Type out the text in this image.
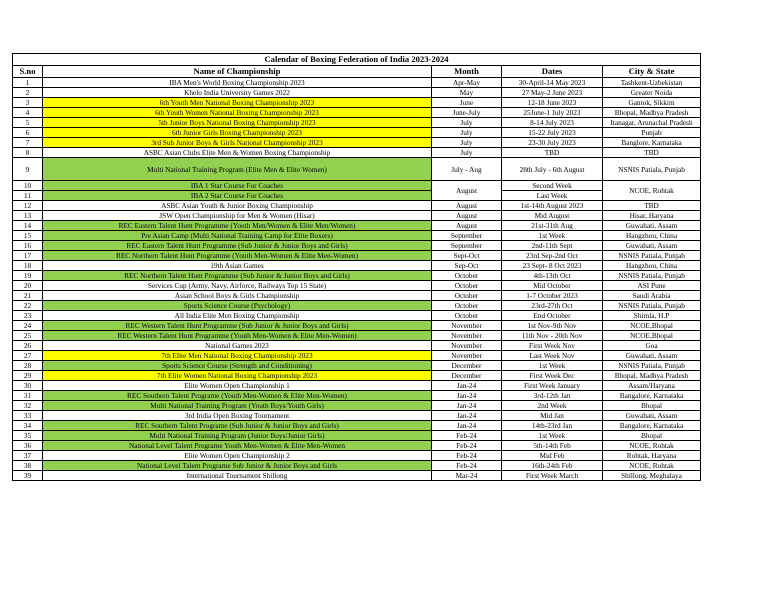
Calendar of Boxing Federation of India 2023-2024				
S.no	Name of Championship	Month	Dates	City & State
1	IBA Men's World Boxing Championship 2023	Apr-May	30-April-14 May 2023	Tashkent-Uzbekistan
2	Khelo India University Games 2022	May	27 May-2 June 2023	Greater Noida
3	6th Youth Men National Boxing Championship 2023	June	12-18 June 2023	Gantok, Sikkim
4	6th Youth Women National Boxing Championship 2023	June-July	25June-1 July 2023	Bhopal, Madhya Pradesh
5	5th Junior Boys National Boxing Championship 2023	July	8-14 July 2023	Itanagar, Arunachal Pradesh
6	6th Junior Girls Boxing Championship 2023	July	15-22 July 2023	Punjab
7	3rd Sub Junior Boys & Girls National Championship 2023	July	23-30 July 2023	Banglore, Karnataka
8	ASBC Asian Clubs Elite Men & Women Boxing Championship	July	TBD	TBD
9	Multi National Training Program (Elite Men & Elite Women)	July - Aug	28th July - 6th August	NSNIS Patiala, Punjab
10	IBA 1 Star Course For Coaches	August	Second Week	NCOE, Rohtak
11	IBA 2 Star Course For Coaches		Last Week	
12	ASBC Asian Youth & Junior Boxing Championship	August	1st-14th August 2023	TBD
13	JSW Open Championship for Men & Women (Hisar)	August	Mid August	Hisar, Haryana
14	REC Eastern Talent Hunt Programme (Youth Men/Women & Elite Men/Women)	August	21st-31th Aug	Guwahati, Assam
15	Pre Asian Camp (Multi National Training Camp for Elite Boxers)	September	1st Week	Hangzhou, China
16	REC Eastern Talent Hunt Programme (Sub Junior & Junior Boys and Girls)	September	2nd-11th Sept	Guwahati, Assam
17	REC Northern Talent Hunt Programme (Youth Men-Women & Elite Men-Women)	Sept-Oct	23rd Sep-2nd Oct	NSNIS Patiala, Punjab
18	19th Asian Games	Sep-Oct	23 Sept- 8 Oct 2023	Hangzhou, China
19	REC Northern Talent Hunt Programme (Sub Junior & Junior Boys and Girls)	October	4th-13th Oct	NSNIS Patiala, Punjab
20	Services Cup (Army, Navy, Airforce, Railways Top 15 State)	October	Mid October	ASI Pune
21	Asian School Boys & Girls Championship	October	1-7 October 2023	Saudi Arabia
22	Sports Science Course (Psychology)	October	23rd-27th Oct	NSNIS Patiala, Punjab
23	All India Elite Men Boxing Championship	October	End October	Shimla, H.P
24	REC Western Talent Hunt Programme (Sub Junior & Junior Boys and Girls)	November	1st Nov-9th Nov	NCOE,Bhopal
25	REC Western Talent Hunt Programme (Youth Men-Women & Elite Men-Women)	November	11th Nov - 20th Nov	NCOE,Bhopal
26	National Games 2023	November	First Week Nov	Goa
27	7th Elite Men National Boxing Championship 2023	November	Last Week Nov	Guwahati, Assam
28	Sports Science Course (Strength and Conditioning)	December	1st Week	NSNIS Patiala, Punjab
29	7th Elite Women National Boxing Championship 2023	December	First Week Dec	Bhopal, Madhya Pradesh
30	Elite Women Open Championship 1	Jan-24	First Week January	Assam/Haryana
31	REC Southern Talent Programe (Youth Men-Women & Elite Men-Women)	Jan-24	3rd-12th Jan	Bangalore, Karnataka
32	Multi National Training Program (Youth Boys/Youth Girls)	Jan-24	2nd Week	Bhopal
33	3rd India Open Boxing Tournament	Jan-24	Mid Jan	Guwahati, Assam
34	REC Southern Talent Programe (Sub Junior & Junior Boys and Girls)	Jan-24	14th-23rd Jan	Bangalore, Karnataka
35	Multi National Training Program (Junior Boys/Junior Girls)	Feb-24	1st Week	Bhopal
36	National Level Talent Programe Youth Men-Women & Elite Men-Women	Feb-24	5th-14th Feb	NCOE, Rohtak
37	Elite Women Open Championship 2	Feb-24	Mid Feb	Rohtak, Haryana
38	National Level Talent Programe Sub Junior & Junior Boys and Girls	Feb-24	16th-24th Feb	NCOE, Rohtak
39	International Tournament Shillong	Mar-24	First Week March	Shillong, Meghalaya
